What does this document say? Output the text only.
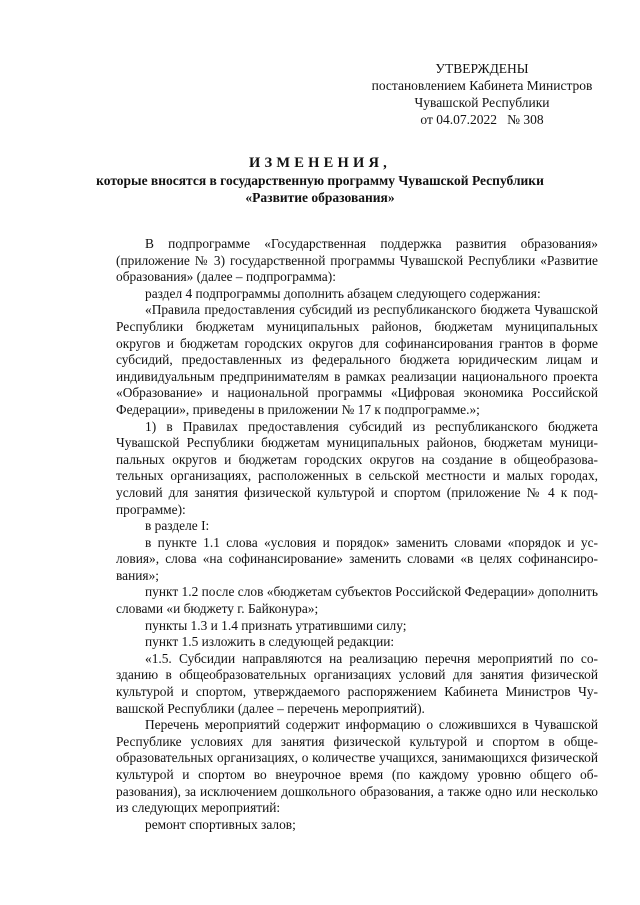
УТВЕРЖДЕНЫ
постановлением Кабинета Министров
Чувашской Республики
от 04.07.2022   № 308
ИЗМЕНЕНИЯ,
которые вносятся в государственную программу Чувашской Республики
«Развитие образования»

В подпрограмме «Государственная поддержка развития образования» (приложение № 3) государственной программы Чувашской Республики «Развитие образования» (далее – подпрограмма):

раздел 4 подпрограммы дополнить абзацем следующего содержания:

«Правила предоставления субсидий из республиканского бюджета Чувашской Республики бюджетам муниципальных районов, бюджетам муниципальных округов и бюджетам городских округов для софинансирования грантов в форме субсидий, предоставленных из федерального бюджета юридическим лицам и индивидуальным предпринимателям в рамках реализации национального проекта «Образование» и национальной программы «Цифровая экономика Российской Федерации», приведены в приложении № 17 к подпрограмме.»;

1) в Правилах предоставления субсидий из республиканского бюджета Чувашской Республики бюджетам муниципальных районов, бюджетам муниципальных округов и бюджетам городских округов на создание в общеобразовательных организациях, расположенных в сельской местности и малых городах, условий для занятия физической культурой и спортом (приложение № 4 к подпрограмме):

в разделе I:

в пункте 1.1 слова «условия и порядок» заменить словами «порядок и условия», слова «на софинансирование» заменить словами «в целях софинансирования»;

пункт 1.2 после слов «бюджетам субъектов Российской Федерации» дополнить словами «и бюджету г. Байконура»;

пункты 1.3 и 1.4 признать утратившими силу;

пункт 1.5 изложить в следующей редакции:

«1.5. Субсидии направляются на реализацию перечня мероприятий по созданию в общеобразовательных организациях условий для занятия физической культурой и спортом, утверждаемого распоряжением Кабинета Министров Чувашской Республики (далее – перечень мероприятий).

Перечень мероприятий содержит информацию о сложившихся в Чувашской Республике условиях для занятия физической культурой и спортом в общеобразовательных организациях, о количестве учащихся, занимающихся физической культурой и спортом во внеурочное время (по каждому уровню общего образования), за исключением дошкольного образования, а также одно или несколько из следующих мероприятий:

ремонт спортивных залов;
